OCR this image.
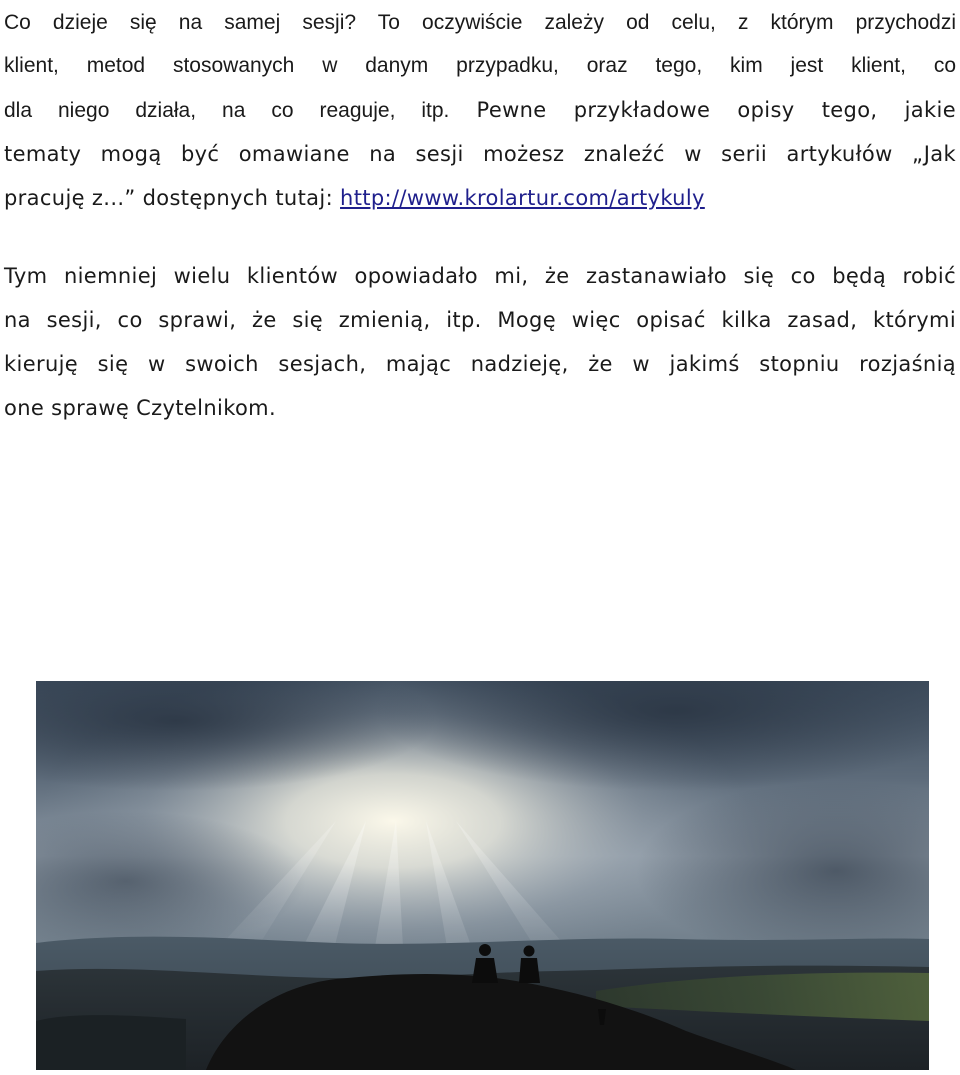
Co dzieje się na samej sesji? To oczywiście zależy od celu, z którym przychodzi
klient, metod stosowanych w danym przypadku, oraz tego, kim jest klient, co
dla niego działa, na co reaguje, itp. Pewne przykładowe opisy tego, jakie
tematy mogą być omawiane na sesji możesz znaleźć w serii artykułów „Jak
pracuję z...” dostępnych tutaj: http://www.krolartur.com/artykuly

Tym niemniej wielu klientów opowiadało mi, że zastanawiało się co będą robić
na sesji, co sprawi, że się zmienią, itp. Mogę więc opisać kilka zasad, którymi
kieruję się w swoich sesjach, mając nadzieję, że w jakimś stopniu rozjaśnią
one sprawę Czytelnikom.
